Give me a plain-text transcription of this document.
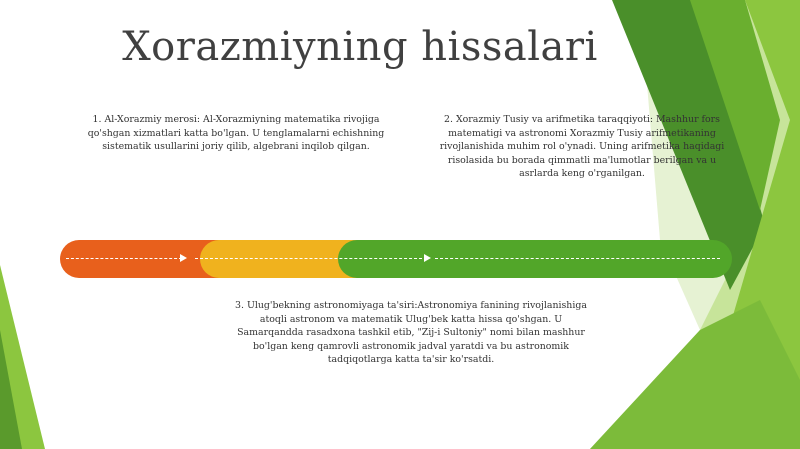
Xorazmiyning hissalari
1. Al-Xorazmiy merosi: Al-Xorazmiyning matematika rivojiga qo'shgan xizmatlari katta bo'lgan. U tenglamalarni echishning sistematik usullarini joriy qilib, algebrani inqilob qilgan.
2. Xorazmiy Tusiy va arifmetika taraqqiyoti: Mashhur fors matematigi va astronomi Xorazmiy Tusiy arifmetikaning rivojlanishida muhim rol o'ynadi. Uning arifmetika haqidagi risolasida bu borada qimmatli ma'lumotlar berilgan va u asrlarda keng o'rganilgan.
3. Ulug'bekning astronomiyaga ta'siri:Astronomiya fanining rivojlanishiga atoqli astronom va matematik Ulug'bek katta hissa qo'shgan. U Samarqandda rasadxona tashkil etib, "Zij-i Sultoniy" nomi bilan mashhur bo'lgan keng qamrovli astronomik jadval yaratdi va bu astronomik tadqiqotlarga katta ta'sir ko'rsatdi.
